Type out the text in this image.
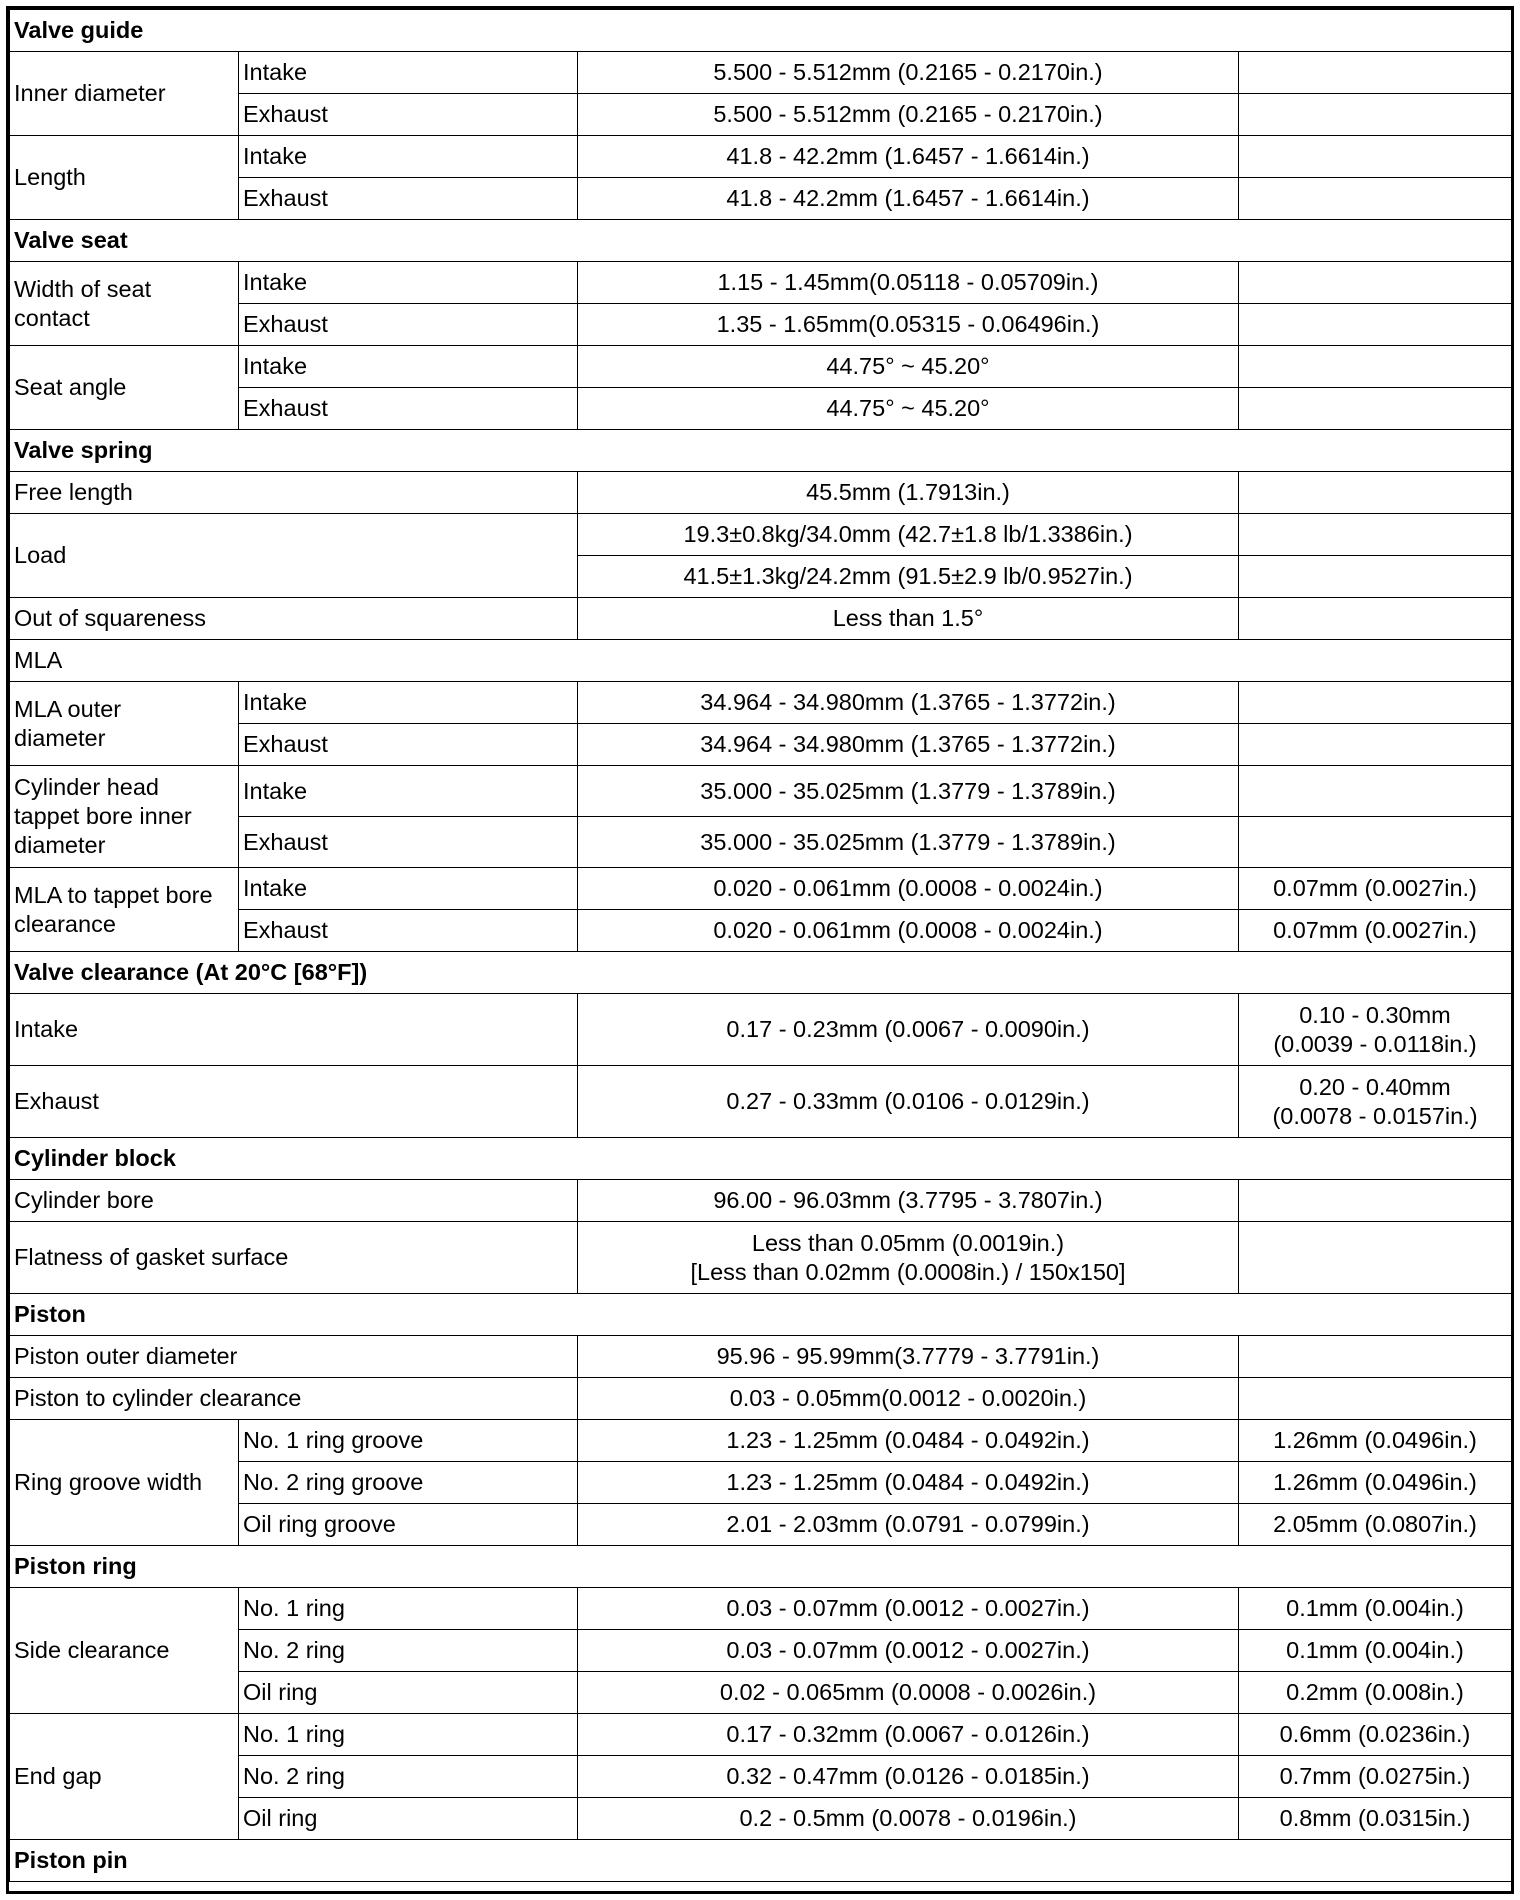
Valve guide			
Inner diameter	Intake	5.500 - 5.512mm (0.2165 - 0.2170in.)	
	Exhaust	5.500 - 5.512mm (0.2165 - 0.2170in.)	
Length	Intake	41.8 - 42.2mm (1.6457 - 1.6614in.)	
	Exhaust	41.8 - 42.2mm (1.6457 - 1.6614in.)	
Valve seat			

Width of seat
contact	Intake	1.15 - 1.45mm(0.05118 - 0.05709in.)	
	Exhaust	1.35 - 1.65mm(0.05315 - 0.06496in.)	
Seat angle	Intake	44.75° ~ 45.20°	
	Exhaust	44.75° ~ 45.20°	
Valve spring			
Free length		45.5mm (1.7913in.)	
Load		19.3±0.8kg/34.0mm (42.7±1.8 lb/1.3386in.)	
		41.5±1.3kg/24.2mm (91.5±2.9 lb/0.9527in.)	
Out of squareness		Less than 1.5°	
MLA			

MLA outer
diameter	Intake	34.964 - 34.980mm (1.3765 - 1.3772in.)	
	Exhaust	34.964 - 34.980mm (1.3765 - 1.3772in.)	

Cylinder head
tappet bore inner
diameter	Intake	35.000 - 35.025mm (1.3779 - 1.3789in.)	
	Exhaust	35.000 - 35.025mm (1.3779 - 1.3789in.)	

MLA to tappet bore
clearance	Intake	0.020 - 0.061mm (0.0008 - 0.0024in.)	0.07mm (0.0027in.)
	Exhaust	0.020 - 0.061mm (0.0008 - 0.0024in.)	0.07mm (0.0027in.)
Valve clearance (At 20°C [68°F])			
Intake		0.17 - 0.23mm (0.0067 - 0.0090in.)	0.10 - 0.30mm
(0.0039 - 0.0118in.)

Exhaust		0.27 - 0.33mm (0.0106 - 0.0129in.)	0.20 - 0.40mm
(0.0078 - 0.0157in.)

Cylinder block			
Cylinder bore		96.00 - 96.03mm (3.7795 - 3.7807in.)	
Flatness of gasket surface		Less than 0.05mm (0.0019in.)
[Less than 0.02mm (0.0008in.) / 150x150]	

Piston			
Piston outer diameter		95.96 - 95.99mm(3.7779 - 3.7791in.)	
Piston to cylinder clearance		0.03 - 0.05mm(0.0012 - 0.0020in.)	
Ring groove width	No. 1 ring groove	1.23 - 1.25mm (0.0484 - 0.0492in.)	1.26mm (0.0496in.)
	No. 2 ring groove	1.23 - 1.25mm (0.0484 - 0.0492in.)	1.26mm (0.0496in.)
	Oil ring groove	2.01 - 2.03mm (0.0791 - 0.0799in.)	2.05mm (0.0807in.)
Piston ring			
Side clearance	No. 1 ring	0.03 - 0.07mm (0.0012 - 0.0027in.)	0.1mm (0.004in.)
	No. 2 ring	0.03 - 0.07mm (0.0012 - 0.0027in.)	0.1mm (0.004in.)
	Oil ring	0.02 - 0.065mm (0.0008 - 0.0026in.)	0.2mm (0.008in.)
End gap	No. 1 ring	0.17 - 0.32mm (0.0067 - 0.0126in.)	0.6mm (0.0236in.)
	No. 2 ring	0.32 - 0.47mm (0.0126 - 0.0185in.)	0.7mm (0.0275in.)
	Oil ring	0.2 - 0.5mm (0.0078 - 0.0196in.)	0.8mm (0.0315in.)
Piston pin			
